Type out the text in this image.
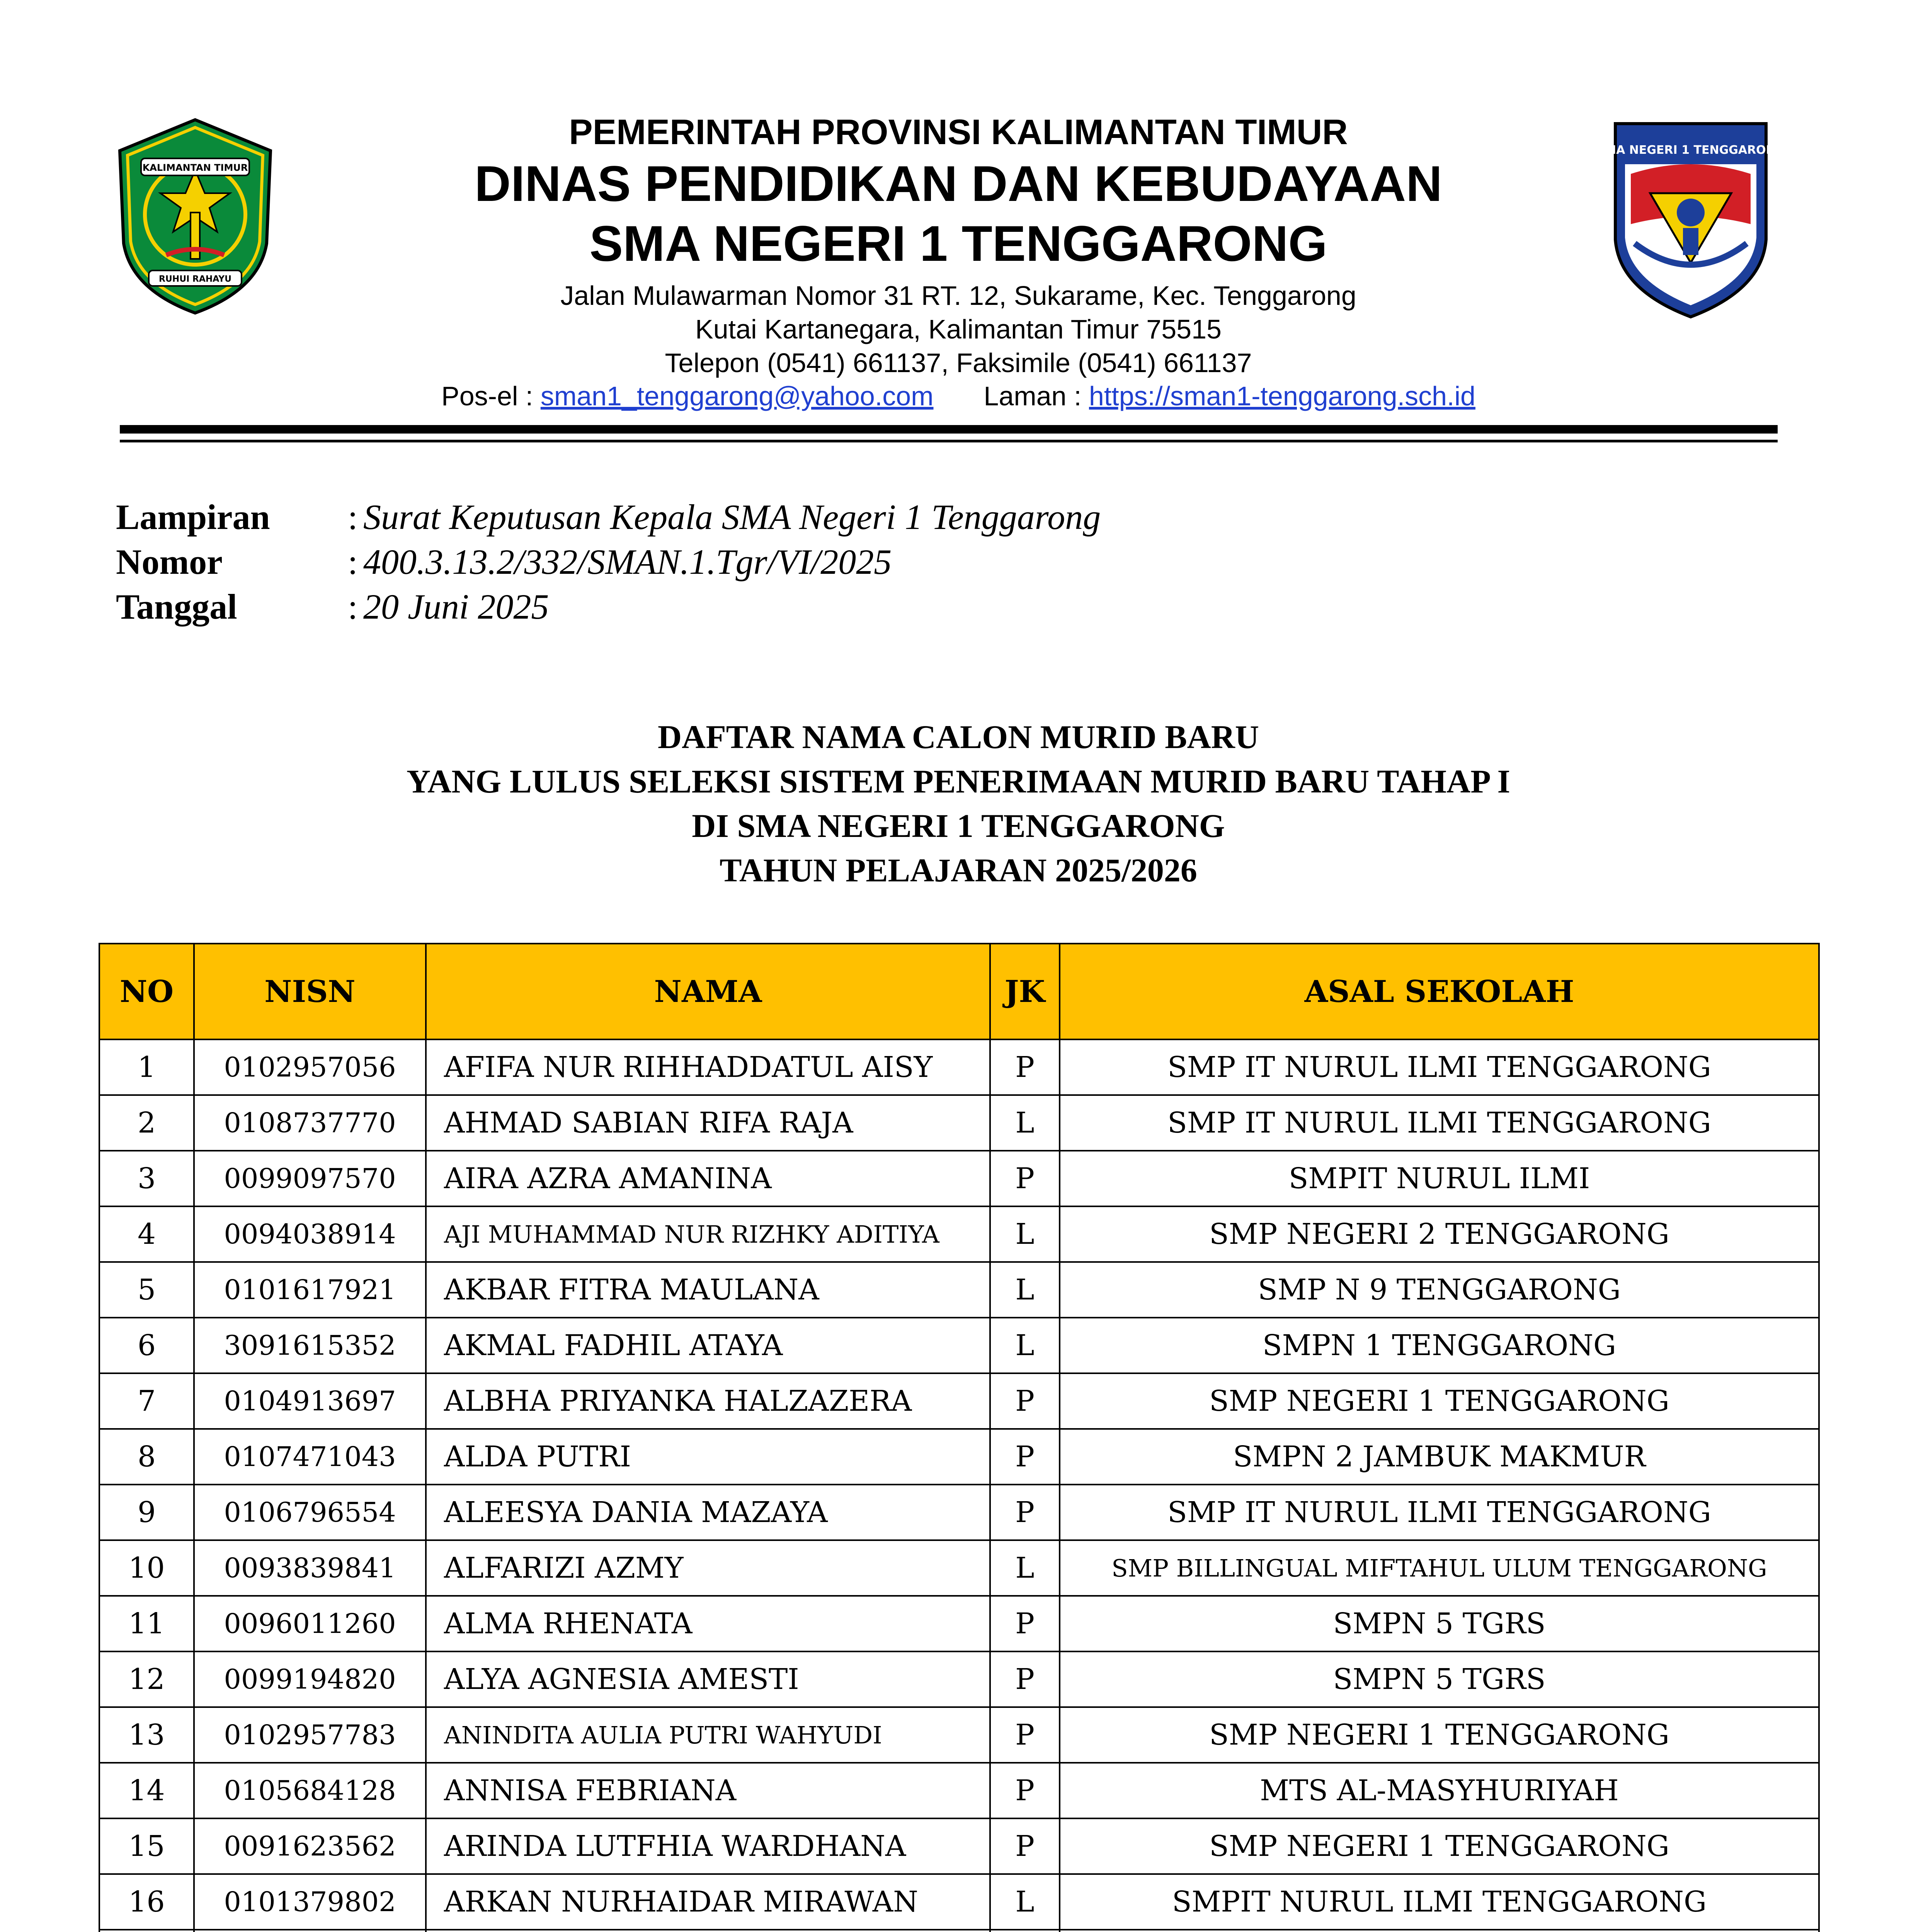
KALIMANTAN TIMUR
RUHUI RAHAYU
SMA NEGERI 1 TENGGARONG
PEMERINTAH PROVINSI KALIMANTAN TIMUR
DINAS PENDIDIKAN DAN KEBUDAYAAN
SMA NEGERI 1 TENGGARONG
Jalan Mulawarman Nomor 31 RT. 12, Sukarame, Kec. Tenggarong
Kutai Kartanegara, Kalimantan Timur 75515
Telepon (0541) 661137, Faksimile (0541) 661137
Pos-el : sman1_tenggarong@yahoo.com Laman : https://sman1-tenggarong.sch.id
Lampiran : Surat Keputusan Kepala SMA Negeri 1 Tenggarong
Nomor	: 400.3.13.2/332/SMAN.1.Tgr/VI/2025
Tanggal	: 20 Juni 2025
DAFTAR NAMA CALON MURID BARU
YANG LULUS SELEKSI SISTEM PENERIMAAN MURID BARU TAHAP I
DI SMA NEGERI 1 TENGGARONG
TAHUN PELAJARAN 2025/2026
NO	NISN	NAMA	JK	ASAL SEKOLAH
1	0102957056	AFIFA NUR RIHHADDATUL AISY	P	SMP IT NURUL ILMI TENGGARONG
2	0108737770	AHMAD SABIAN RIFA RAJA	L	SMP IT NURUL ILMI TENGGARONG
3	0099097570	AIRA AZRA AMANINA	P	SMPIT NURUL ILMI
4	0094038914	AJI MUHAMMAD NUR RIZHKY ADITIYA	L	SMP NEGERI 2 TENGGARONG
5	0101617921	AKBAR FITRA MAULANA	L	SMP N 9 TENGGARONG
6	3091615352	AKMAL FADHIL ATAYA	L	SMPN 1 TENGGARONG
7	0104913697	ALBHA PRIYANKA HALZAZERA	P	SMP NEGERI 1 TENGGARONG
8	0107471043	ALDA PUTRI	P	SMPN 2 JAMBUK MAKMUR
9	0106796554	ALEESYA DANIA MAZAYA	P	SMP IT NURUL ILMI TENGGARONG
10	0093839841	ALFARIZI AZMY	L	SMP BILLINGUAL MIFTAHUL ULUM TENGGARONG
11	0096011260	ALMA RHENATA	P	SMPN 5 TGRS
12	0099194820	ALYA AGNESIA AMESTI	P	SMPN 5 TGRS
13	0102957783	ANINDITA AULIA PUTRI WAHYUDI	P	SMP NEGERI 1 TENGGARONG
14	0105684128	ANNISA FEBRIANA	P	MTS AL-MASYHURIYAH
15	0091623562	ARINDA LUTFHIA WARDHANA	P	SMP NEGERI 1 TENGGARONG
16	0101379802	ARKAN NURHAIDAR MIRAWAN	L	SMPIT NURUL ILMI TENGGARONG
